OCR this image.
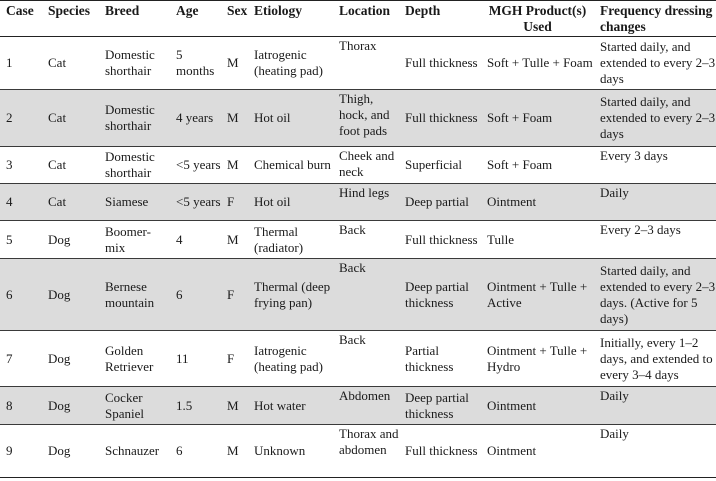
Case	Species	Breed	Age	Sex	Etiology	Location	Depth	MGH Product(s) Used	Frequency dressing changes
1	Cat	Domestic shorthair	5 months	M	Iatrogenic (heating pad)	Thorax	Full thickness	Soft + Tulle + Foam	Started daily, and extended to every 2–3 days
2	Cat	Domestic shorthair	4 years	M	Hot oil	Thigh, hock, and foot pads	Full thickness	Soft + Foam	Started daily, and extended to every 2–3 days
3	Cat	Domestic shorthair	<5 years	M	Chemical burn	Cheek and neck	Superficial	Soft + Foam	Every 3 days
4	Cat	Siamese	<5 years	F	Hot oil	Hind legs	Deep partial	Ointment	Daily
5	Dog	Boomer-mix	4	M	Thermal (radiator)	Back	Full thickness	Tulle	Every 2–3 days
6	Dog	Bernese mountain	6	F	Thermal (deep frying pan)	Back	Deep partial thickness	Ointment + Tulle + Active	Started daily, and extended to every 2–3 days. (Active for 5 days)
7	Dog	Golden Retriever	11	F	Iatrogenic (heating pad)	Back	Partial thickness	Ointment + Tulle + Hydro	Initially, every 1–2 days, and extended to every 3–4 days
8	Dog	Cocker Spaniel	1.5	M	Hot water	Abdomen	Deep partial thickness	Ointment	Daily
9	Dog	Schnauzer	6	M	Unknown	Thorax and abdomen	Full thickness	Ointment	Daily
